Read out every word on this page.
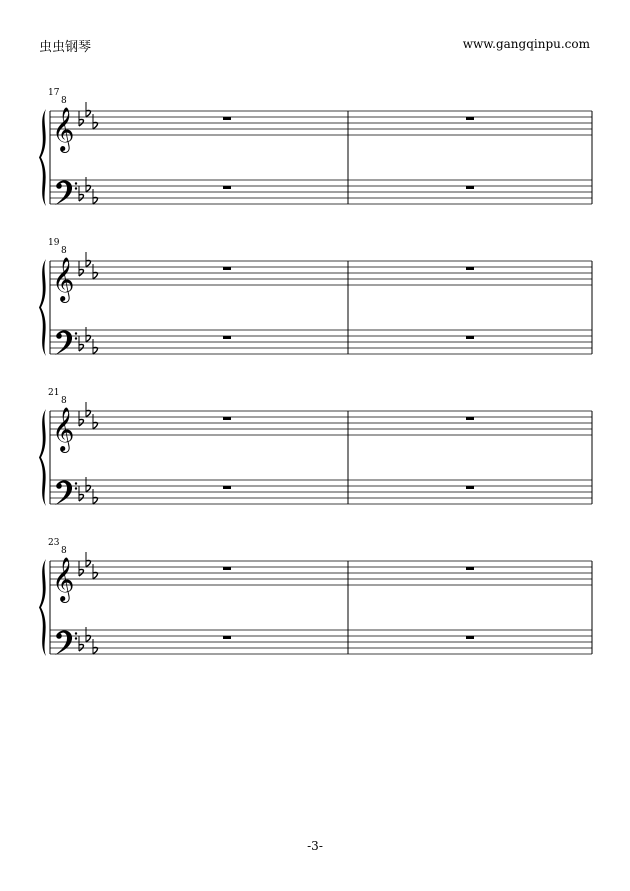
虫虫钢琴	www.gangqinpu.com
17
8
𝄞
19
8
𝄞
21
8
𝄞
23
8
𝄞
-3-
